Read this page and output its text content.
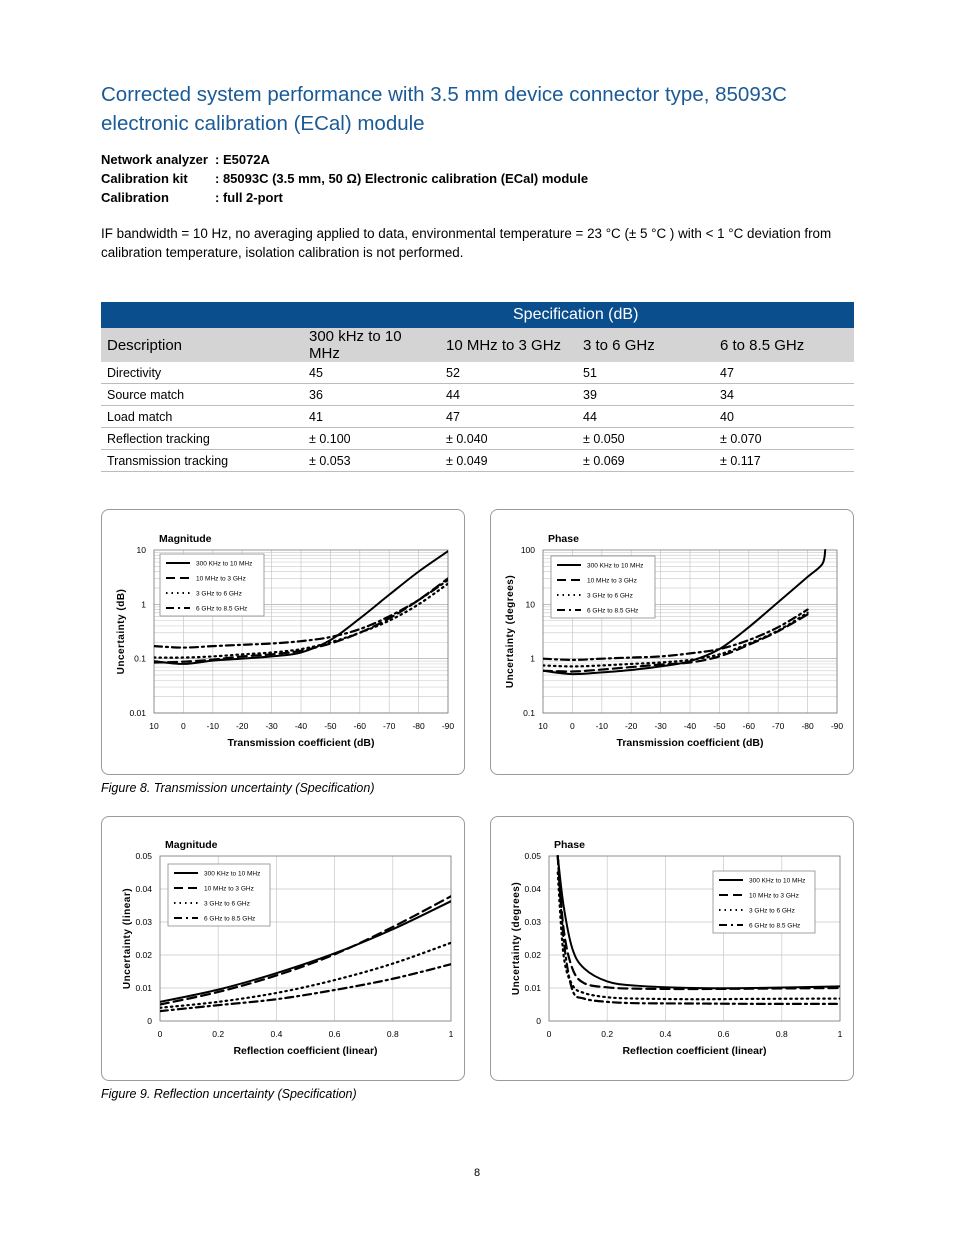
Corrected system performance with 3.5 mm device connector type, 85093C electronic calibration (ECal) module
Network analyzer : E5072A
Calibration kit	: 85093C (3.5 mm, 50 Ω) Electronic calibration (ECal) module
Calibration	: full 2-port
IF bandwidth = 10 Hz, no averaging applied to data, environmental temperature = 23 °C (± 5 °C ) with < 1 °C deviation from calibration temperature, isolation calibration is not performed.
Specification (dB)				
Description	300 kHz to 10 MHz	10 MHz to 3 GHz	3 to 6 GHz	6 to 8.5 GHz
Directivity	45	52	51	47
Source match	36	44	39	34
Load match	41	47	44	40
Reflection tracking	± 0.100	± 0.040	± 0.050	± 0.070
Transmission tracking	± 0.053	± 0.049	± 0.069	± 0.117
10	0 -10 -20 -30 -40 -50 -60 -70 -80 -90
10
1
0.1
0.01
Magnitude
Transmission coefficient (dB)
Uncertainty (dB)
300 KHz to 10 MHz
10 MHz to 3 GHz
3 GHz to 6 GHz
6 GHz to 8.5 GHz
10	0 -10 -20 -30 -40 -50 -60 -70 -80 -90
100
10
1
0.1
Phase
Transmission coefficient (dB)
Uncertainty (degrees)
300 KHz to 10 MHz
10 MHz to 3 GHz
3 GHz to 6 GHz
6 GHz to 8.5 GHz
Figure 8. Transmission uncertainty (Specification)
0	0.2	0.4	0.6	0.8	1
0.05
0.04
0.03
0.02
0.01
0
Magnitude
Reflection coefficient (linear)
Uncertainty (linear)
300 KHz to 10 MHz
10 MHz to 3 GHz
3 GHz to 6 GHz
6 GHz to 8.5 GHz
0	0.2	0.4	0.6	0.8	1
0.05
0.04
0.03
0.02
0.01
0
Phase
Reflection coefficient (linear)
Uncertainty (degrees)
300 KHz to 10 MHz
10 MHz to 3 GHz
3 GHz to 6 GHz
6 GHz to 8.5 GHz
Figure 9. Reflection uncertainty (Specification)
8
